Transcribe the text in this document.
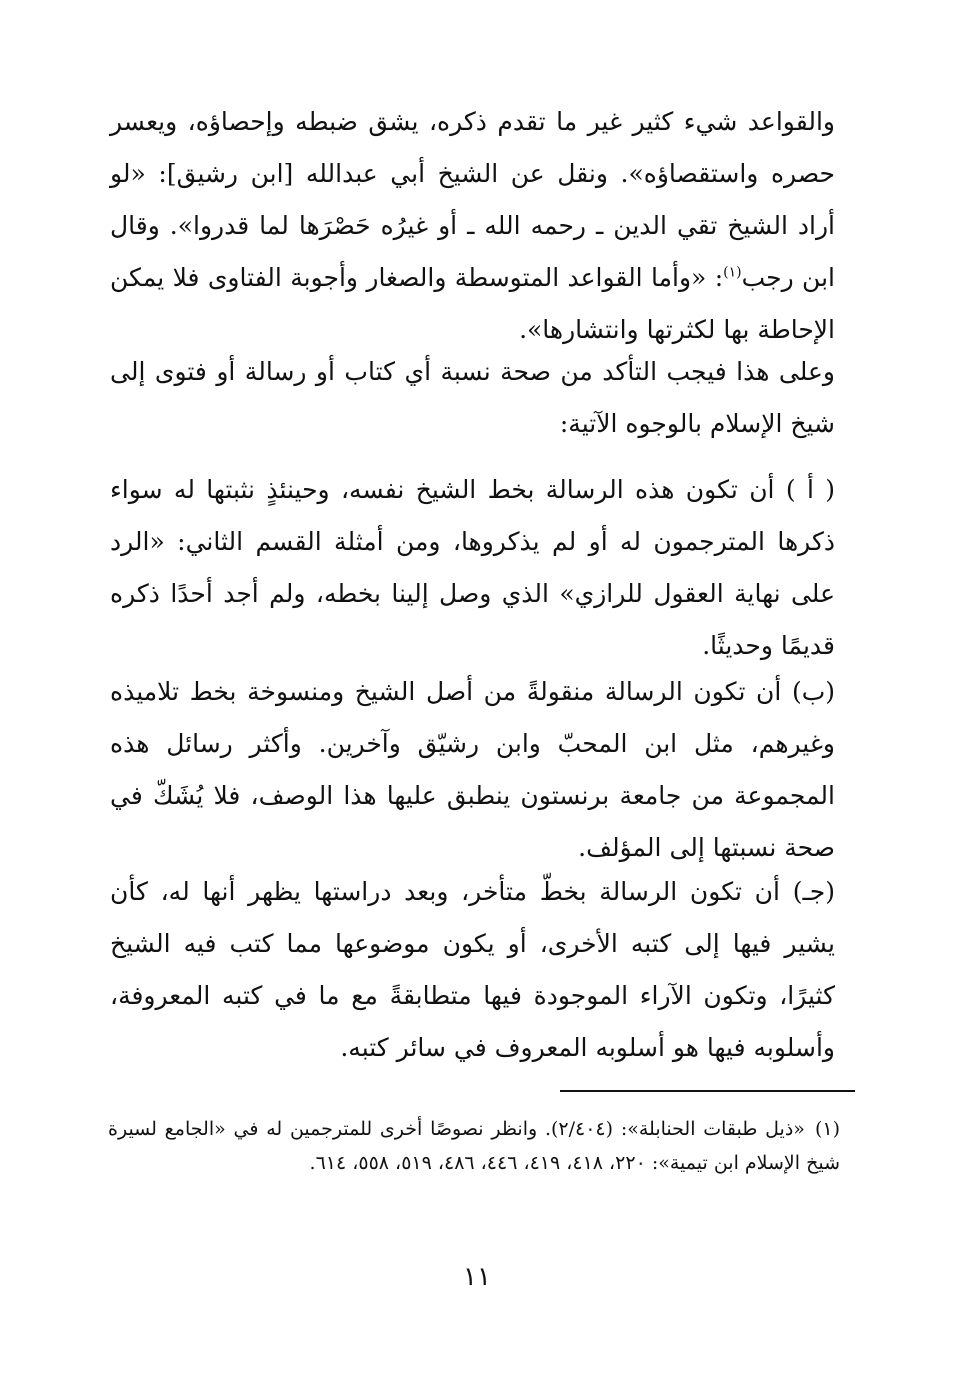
والقواعد شيء كثير غير ما تقدم ذكره، يشق ضبطه وإحصاؤه، ويعسر حصره واستقصاؤه». ونقل عن الشيخ أبي عبدالله [ابن رشيق]: «لو أراد الشيخ تقي الدين ـ رحمه الله ـ أو غيرُه حَصْرَها لما قدروا». وقال ابن رجب$^{(١)}$: «وأما القواعد المتوسطة والصغار وأجوبة الفتاوى فلا يمكن الإحاطة بها لكثرتها وانتشارها».

وعلى هذا فيجب التأكد من صحة نسبة أي كتاب أو رسالة أو فتوى إلى شيخ الإسلام بالوجوه الآتية:

( أ ) أن تكون هذه الرسالة بخط الشيخ نفسه، وحينئذٍ نثبتها له سواء ذكرها المترجمون له أو لم يذكروها، ومن أمثلة القسم الثاني: «الرد على نهاية العقول للرازي» الذي وصل إلينا بخطه، ولم أجد أحدًا ذكره قديمًا وحديثًا.

(ب) أن تكون الرسالة منقولةً من أصل الشيخ ومنسوخة بخط تلاميذه وغيرهم، مثل ابن المحبّ وابن رشيّق وآخرين. وأكثر رسائل هذه المجموعة من جامعة برنستون ينطبق عليها هذا الوصف، فلا يُشَكّ في صحة نسبتها إلى المؤلف.

(جـ) أن تكون الرسالة بخطّ متأخر، وبعد دراستها يظهر أنها له، كأن يشير فيها إلى كتبه الأخرى، أو يكون موضوعها مما كتب فيه الشيخ كثيرًا، وتكون الآراء الموجودة فيها متطابقةً مع ما في كتبه المعروفة، وأسلوبه فيها هو أسلوبه المعروف في سائر كتبه.

(١)«ذيل طبقات الحنابلة»: (٢/٤٠٤). وانظر نصوصًا أخرى للمترجمين له في «الجامع لسيرة شيخ الإسلام ابن تيمية»: ٢٢٠، ٤١٨، ٤١٩، ٤٤٦، ٤٨٦، ٥١٩، ٥٥٨، ٦١٤.

١١
